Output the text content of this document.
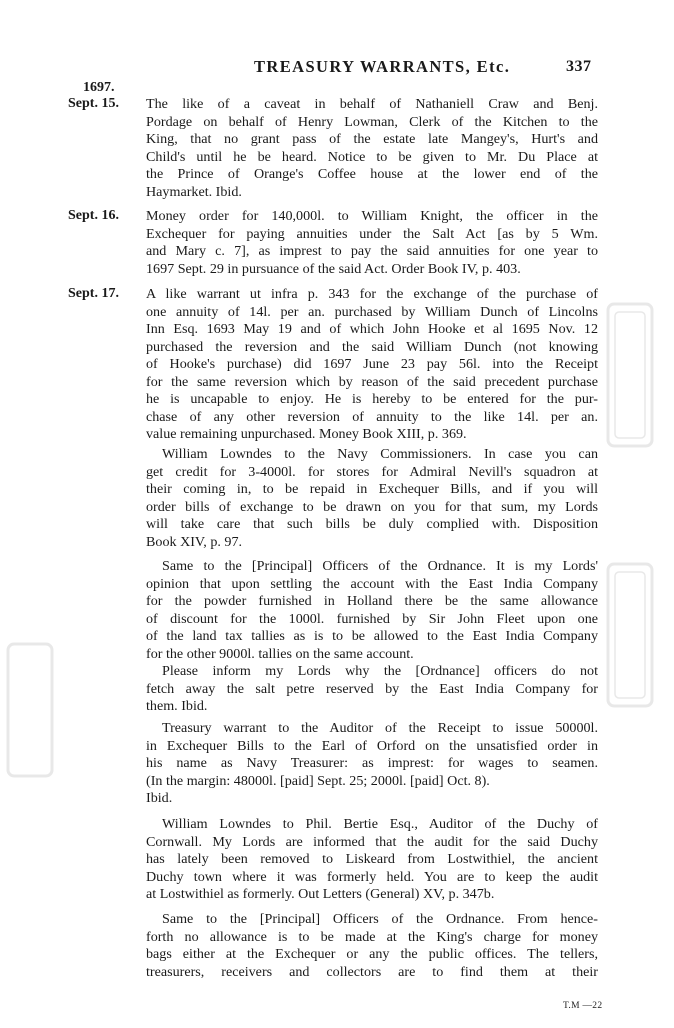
TREASURY WARRANTS, Etc.	337
1697.
Sept. 15. The like of a caveat in behalf of Nathaniell Craw and Benj.
Pordage on behalf of Henry Lowman, Clerk of the Kitchen to the
King, that no grant pass of the estate late Mangey's, Hurt's and
Child's until he be heard. Notice to be given to Mr. Du Place at
the Prince of Orange's Coffee house at the lower end of the
Haymarket. Ibid.

Sept. 16. Money order for 140,000l. to William Knight, the officer in the
Exchequer for paying annuities under the Salt Act [as by 5 Wm.
and Mary c. 7], as imprest to pay the said annuities for one year to
1697 Sept. 29 in pursuance of the said Act. Order Book IV, p. 403.

Sept. 17. A like warrant ut infra p. 343 for the exchange of the purchase of
one annuity of 14l. per an. purchased by William Dunch of Lincolns
Inn Esq. 1693 May 19 and of which John Hooke et al 1695 Nov. 12
purchased the reversion and the said William Dunch (not knowing
of Hooke's purchase) did 1697 June 23 pay 56l. into the Receipt
for the same reversion which by reason of the said precedent purchase
he is uncapable to enjoy. He is hereby to be entered for the pur-
chase of any other reversion of annuity to the like 14l. per an.
value remaining unpurchased. Money Book XIII, p. 369.

William Lowndes to the Navy Commissioners. In case you can
get credit for 3-4000l. for stores for Admiral Nevill's squadron at
their coming in, to be repaid in Exchequer Bills, and if you will
order bills of exchange to be drawn on you for that sum, my Lords
will take care that such bills be duly complied with. Disposition
Book XIV, p. 97.

Same to the [Principal] Officers of the Ordnance. It is my Lords'
opinion that upon settling the account with the East India Company
for the powder furnished in Holland there be the same allowance
of discount for the 1000l. furnished by Sir John Fleet upon one
of the land tax tallies as is to be allowed to the East India Company
for the other 9000l. tallies on the same account.

Please inform my Lords why the [Ordnance] officers do not
fetch away the salt petre reserved by the East India Company for
them. Ibid.

Treasury warrant to the Auditor of the Receipt to issue 50000l.
in Exchequer Bills to the Earl of Orford on the unsatisfied order in
his name as Navy Treasurer: as imprest: for wages to seamen.
(In the margin: 48000l. [paid] Sept. 25; 2000l. [paid] Oct. 8).
Ibid.

William Lowndes to Phil. Bertie Esq., Auditor of the Duchy of
Cornwall. My Lords are informed that the audit for the said Duchy
has lately been removed to Liskeard from Lostwithiel, the ancient
Duchy town where it was formerly held. You are to keep the audit
at Lostwithiel as formerly. Out Letters (General) XV, p. 347b.

Same to the [Principal] Officers of the Ordnance. From hence-
forth no allowance is to be made at the King's charge for money
bags either at the Exchequer or any the public offices. The tellers,
treasurers, receivers and collectors are to find them at their

T.M —22
